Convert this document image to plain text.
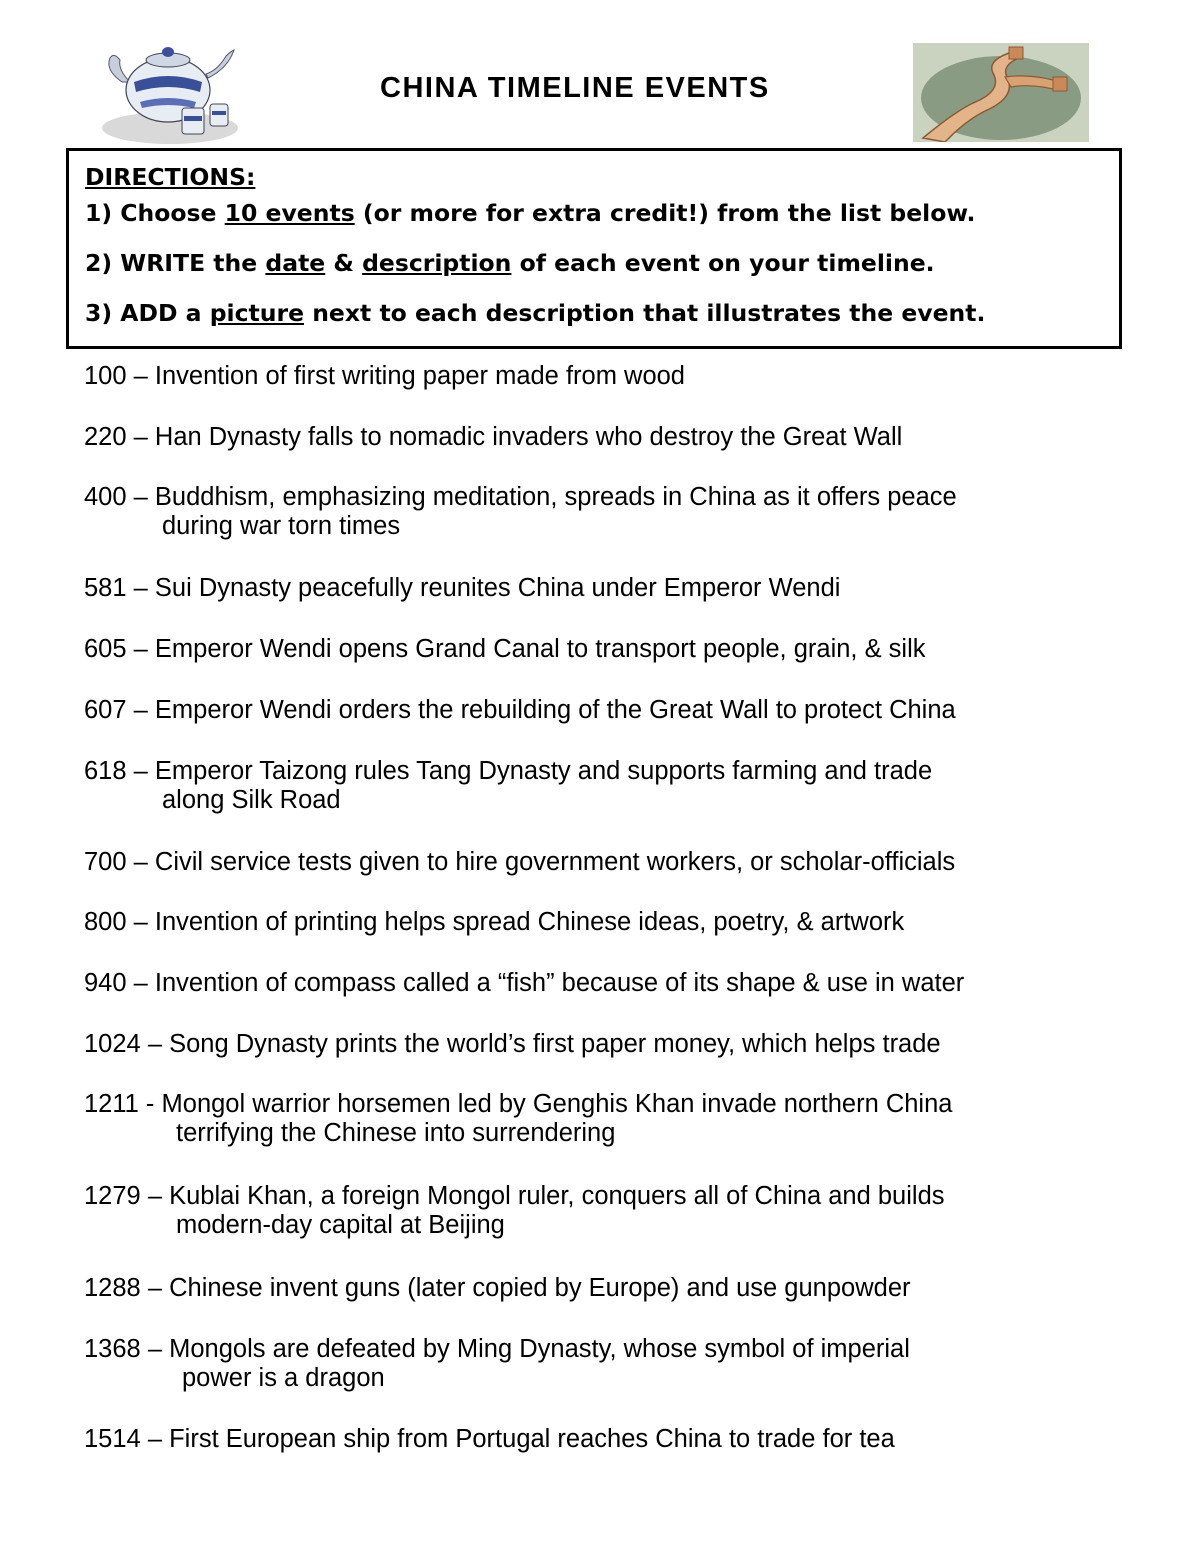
CHINA TIMELINE EVENTS
DIRECTIONS:
1) Choose 10 events (or more for extra credit!) from the list below.
2) WRITE the date & description of each event on your timeline.
3) ADD a picture next to each description that illustrates the event.
100 – Invention of first writing paper made from wood
220 – Han Dynasty falls to nomadic invaders who destroy the Great Wall
400 – Buddhism, emphasizing meditation, spreads in China as it offers peace
during war torn times
581 – Sui Dynasty peacefully reunites China under Emperor Wendi
605 – Emperor Wendi opens Grand Canal to transport people, grain, & silk
607 – Emperor Wendi orders the rebuilding of the Great Wall to protect China
618 – Emperor Taizong rules Tang Dynasty and supports farming and trade
along Silk Road
700 – Civil service tests given to hire government workers, or scholar-officials
800 – Invention of printing helps spread Chinese ideas, poetry, & artwork
940 – Invention of compass called a “fish” because of its shape & use in water
1024 – Song Dynasty prints the world’s first paper money, which helps trade
1211 - Mongol warrior horsemen led by Genghis Khan invade northern China
terrifying the Chinese into surrendering
1279 – Kublai Khan, a foreign Mongol ruler, conquers all of China and builds
modern-day capital at Beijing
1288 – Chinese invent guns (later copied by Europe) and use gunpowder
1368 – Mongols are defeated by Ming Dynasty, whose symbol of imperial
power is a dragon
1514 – First European ship from Portugal reaches China to trade for tea
